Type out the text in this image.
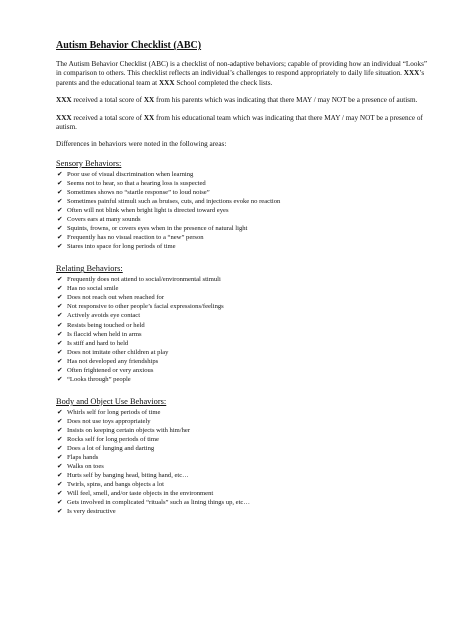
Autism Behavior Checklist (ABC)

The Autism Behavior Checklist (ABC) is a checklist of non-adaptive behaviors; capable of providing how an individual “Looks” in comparison to others. This checklist reflects an individual’s challenges to respond appropriately to daily life situation. XXX’s parents and the educational team at XXX School completed the check lists.

XXX received a total score of XX from his parents which was indicating that there MAY / may NOT be a presence of autism.

XXX received a total score of XX from his educational team which was indicating that there MAY / may NOT be a presence of autism.

Differences in behaviors were noted in the following areas:

Sensory Behaviors:
✔ Poor use of visual discrimination when learning
✔ Seems not to hear, so that a hearing loss is suspected
✔ Sometimes shows no “startle response” to loud noise”
✔ Sometimes painful stimuli such as bruises, cuts, and injections evoke no reaction
✔ Often will not blink when bright light is directed toward eyes
✔ Covers ears at many sounds
✔ Squints, frowns, or covers eyes when in the presence of natural light
✔ Frequently has no visual reaction to a “new” person
✔ Stares into space for long periods of time
Relating Behaviors:
✔ Frequently does not attend to social/environmental stimuli
✔ Has no social smile
✔ Does not reach out when reached for
✔ Not responsive to other people’s facial expressions/feelings
✔ Actively avoids eye contact
✔ Resists being touched or held
✔ Is flaccid when held in arms
✔ Is stiff and hard to held
✔ Does not imitate other children at play
✔ Has not developed any friendships
✔ Often frightened or very anxious
✔ “Looks through” people
Body and Object Use Behaviors:
✔ Whirls self for long periods of time
✔ Does not use toys appropriately
✔ Insists on keeping certain objects with him/her
✔ Rocks self for long periods of time
✔ Does a lot of lunging and darting
✔ Flaps hands
✔ Walks on toes
✔ Hurts self by banging head, biting hand, etc…
✔ Twirls, spins, and bangs objects a lot
✔ Will feel, smell, and/or taste objects in the environment
✔ Gets involved in complicated “rituals” such as lining things up, etc…
✔ Is very destructive
